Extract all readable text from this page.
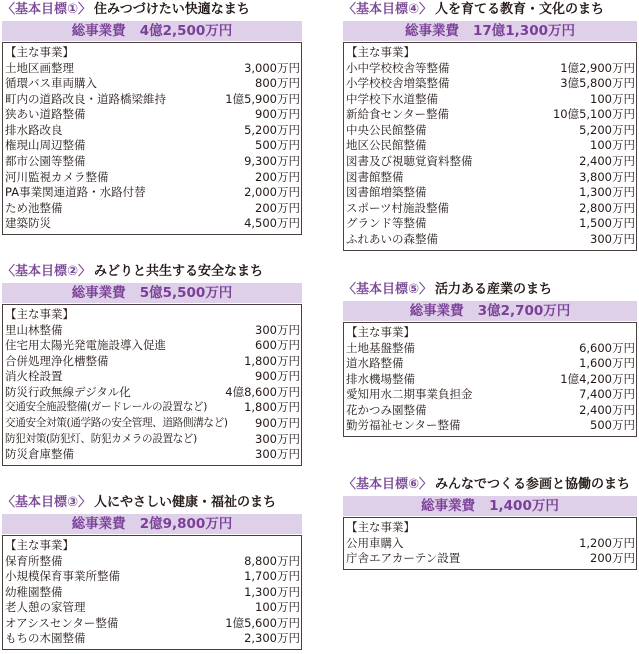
〈基本目標①〉 住みつづけたい快適なまち
総事業費 4億2,500万円
【主な事業】
土地区画整理	3,000万円
循環バス車両購入	800万円
町内の道路改良・道路橋梁維持	1億5,900万円
狭あい道路整備	900万円
排水路改良	5,200万円
権現山周辺整備	500万円
都市公園等整備	9,300万円
河川監視カメラ整備	200万円
PA事業関連道路・水路付替	2,000万円
ため池整備	200万円
建築防災	4,500万円
〈基本目標②〉 みどりと共生する安全なまち
総事業費 5億5,500万円
【主な事業】
里山林整備	300万円
住宅用太陽光発電施設導入促進	600万円
合併処理浄化槽整備	1,800万円
消火栓設置	900万円
防災行政無線デジタル化	4億8,600万円
交通安全施設整備(ガードレールの設置など)	1,800万円
交通安全対策(通学路の安全管理、道路側溝など) 900万円
防犯対策(防犯灯、防犯カメラの設置など)	300万円
防災倉庫整備	300万円
〈基本目標③〉 人にやさしい健康・福祉のまち
総事業費 2億9,800万円
【主な事業】
保育所整備	8,800万円
小規模保育事業所整備	1,700万円
幼稚園整備	1,300万円
老人憩の家管理	100万円
オアシスセンター整備	1億5,600万円
もちの木園整備	2,300万円
〈基本目標④〉 人を育てる教育・文化のまち
総事業費 17億1,300万円
【主な事業】
小中学校校舎等整備	1億2,900万円
小学校校舎増築整備	3億5,800万円
中学校下水道整備	100万円
新給食センター整備	10億5,100万円
中央公民館整備	5,200万円
地区公民館整備	100万円
図書及び視聴覚資料整備	2,400万円
図書館整備	3,800万円
図書館増築整備	1,300万円
スポーツ村施設整備	2,800万円
グランド等整備	1,500万円
ふれあいの森整備	300万円
〈基本目標⑤〉 活力ある産業のまち
総事業費 3億2,700万円
【主な事業】
土地基盤整備	6,600万円
道水路整備	1,600万円
排水機場整備	1億4,200万円
愛知用水二期事業負担金	7,400万円
花かつみ園整備	2,400万円
勤労福祉センター整備	500万円
〈基本目標⑥〉 みんなでつくる参画と協働のまち
総事業費 1,400万円
【主な事業】
公用車購入	1,200万円
庁舎エアカーテン設置	200万円
